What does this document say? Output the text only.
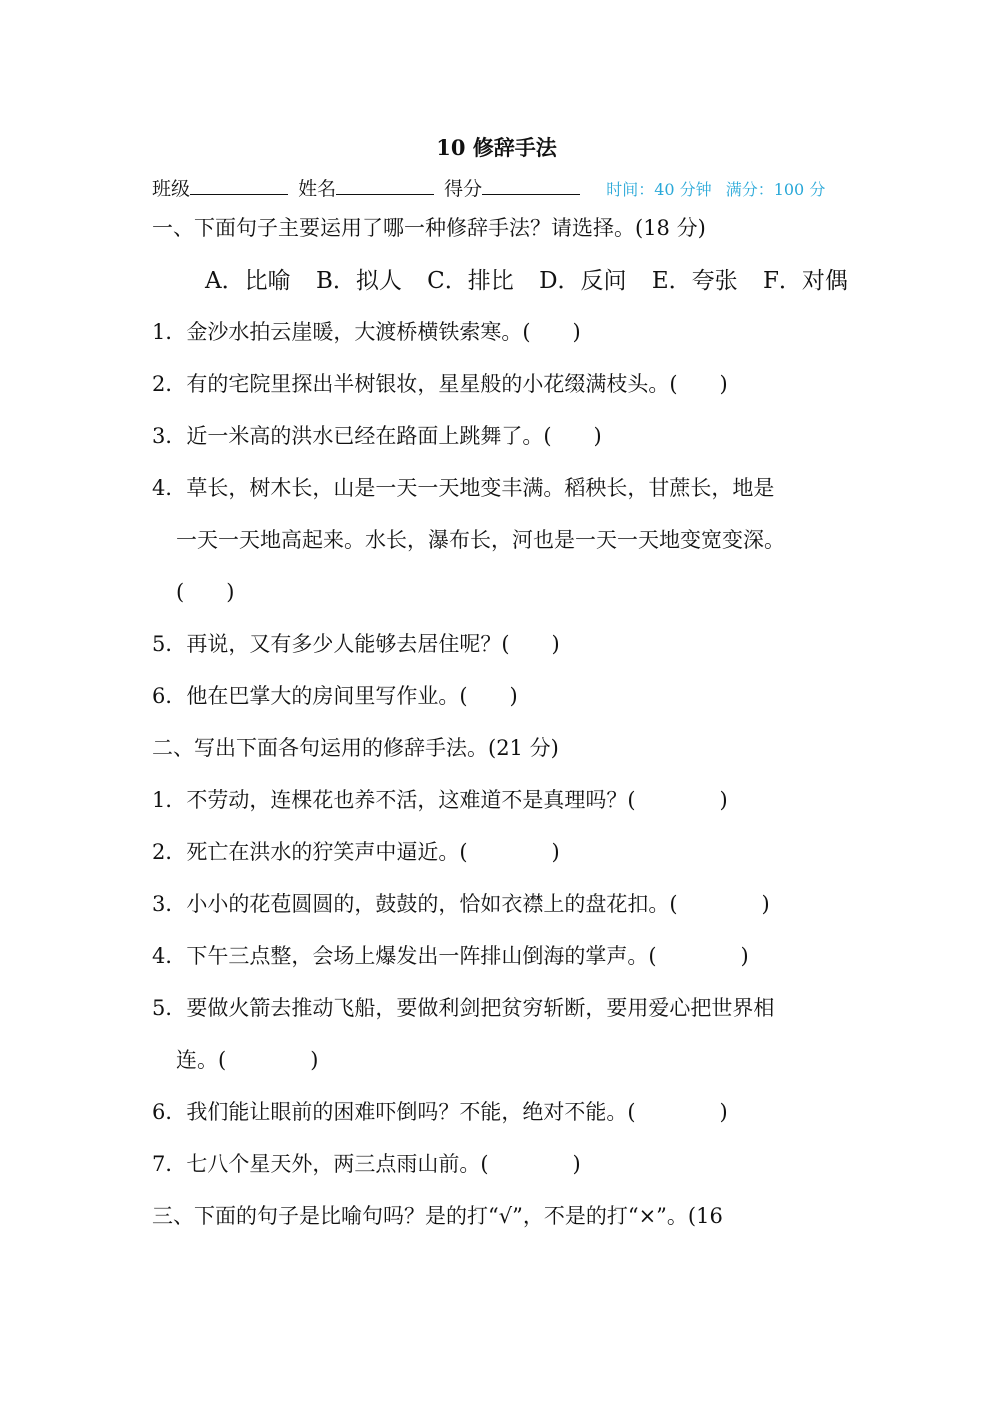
10 修辞手法
班级	姓名	得分	时间：40 分钟 满分：100 分
一、下面句子主要运用了哪一种修辞手法？请选择。(18 分)
A．比喻 B．拟人 C．排比 D．反问 E．夸张 F．对偶
1．金沙水拍云崖暖，大渡桥横铁索寒。(　　)
2．有的宅院里探出半树银妆，星星般的小花缀满枝头。(　　)
3．近一米高的洪水已经在路面上跳舞了。(　　)
4．草长，树木长，山是一天一天地变丰满。稻秧长，甘蔗长，地是
一天一天地高起来。水长，瀑布长，河也是一天一天地变宽变深。
(　　)
5．再说，又有多少人能够去居住呢？(　　)
6．他在巴掌大的房间里写作业。(　　)
二、写出下面各句运用的修辞手法。(21 分)
1．不劳动，连棵花也养不活，这难道不是真理吗？(　　　　)
2．死亡在洪水的狞笑声中逼近。(　　　　)
3．小小的花苞圆圆的，鼓鼓的，恰如衣襟上的盘花扣。(　　　　)
4．下午三点整，会场上爆发出一阵排山倒海的掌声。(　　　　)
5．要做火箭去推动飞船，要做利剑把贫穷斩断，要用爱心把世界相
连。(　　　　)
6．我们能让眼前的困难吓倒吗？不能，绝对不能。(　　　　)
7．七八个星天外，两三点雨山前。(　　　　)
三、下面的句子是比喻句吗？是的打“√”，不是的打“×”。(16
